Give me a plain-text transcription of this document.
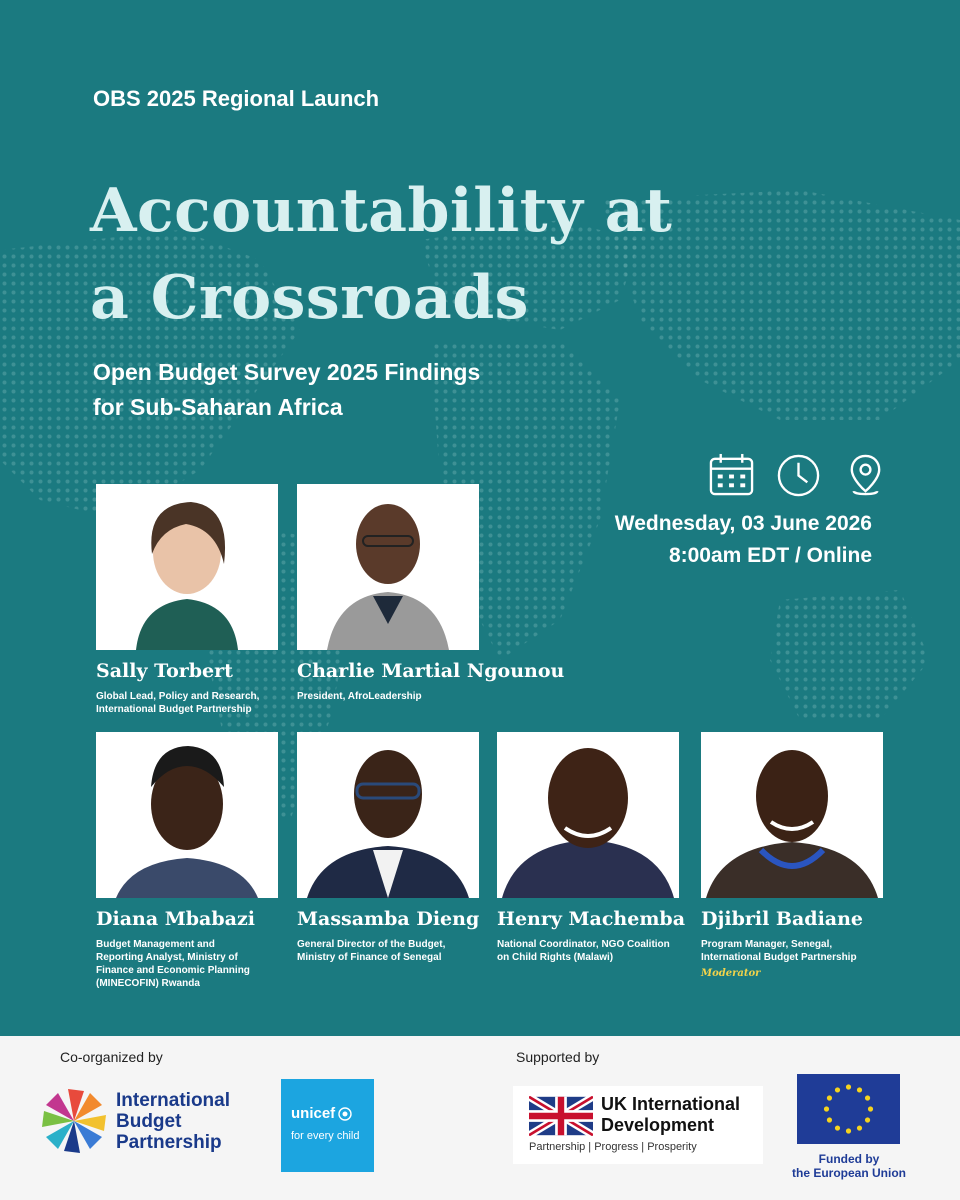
OBS 2025 Regional Launch
Accountability at
a Crossroads
Open Budget Survey 2025 Findings
for Sub-Saharan Africa
Wednesday, 03 June 2026
8:00am EDT / Online
Sally Torbert
Global Lead, Policy and Research,
International Budget Partnership
Charlie Martial Ngounou
President, AfroLeadership
Diana Mbabazi
Budget Management and
Reporting Analyst, Ministry of
Finance and Economic Planning
(MINECOFIN) Rwanda
Massamba Dieng
General Director of the Budget,
Ministry of Finance of Senegal
Henry Machemba
National Coordinator, NGO Coalition
on Child Rights (Malawi)
Djibril Badiane
Program Manager, Senegal,
International Budget Partnership
Moderator
Co-organized by	Supported by
International
Budget
Partnership
unicef
for every child
UK International
Development
Partnership | Progress | Prosperity
Funded by
the European Union
